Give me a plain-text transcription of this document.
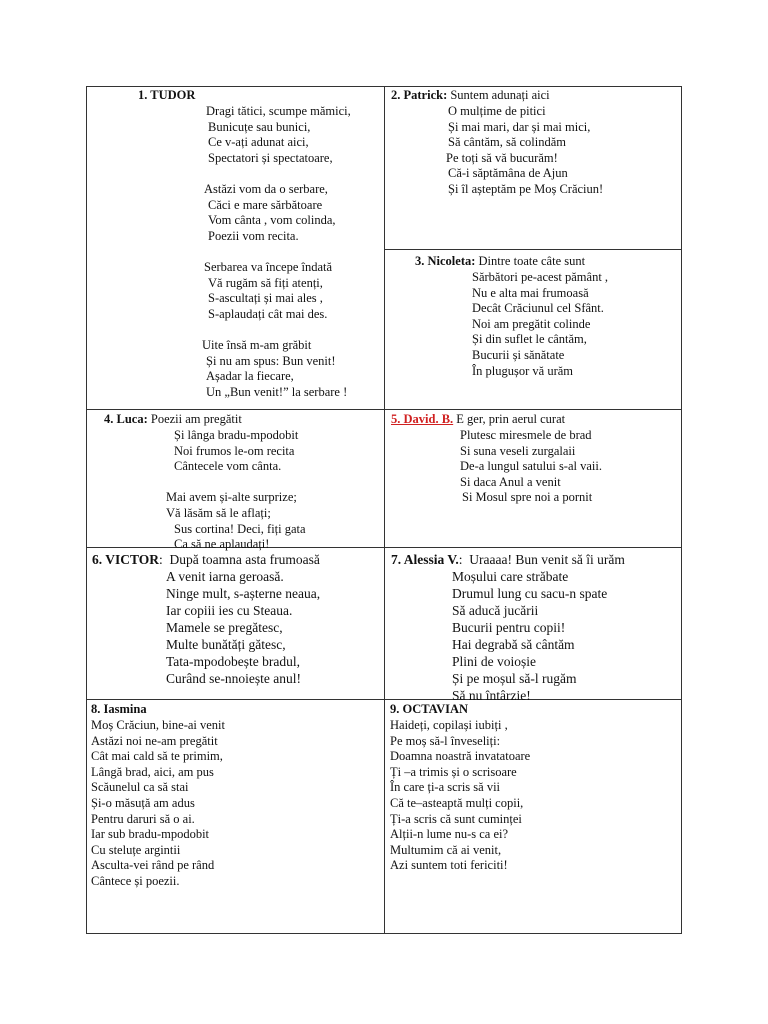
1. TUDOR
Dragi tătici, scumpe mămici,
Bunicuțe sau bunici,
Ce v-ați adunat aici,
Spectatori și spectatoare,
Astăzi vom da o serbare,
Căci e mare sărbătoare
Vom cânta , vom colinda,
Poezii vom recita.
Serbarea va începe îndată
Vă rugăm să fiți atenți,
S-ascultați și mai ales ,
S-aplaudați cât mai des.
Uite însă m-am grăbit
Și nu am spus: Bun venit!
Așadar la fiecare,
Un „Bun venit!” la serbare !
2. Patrick: Suntem adunați aici
O mulțime de pitici
Și mai mari, dar și mai mici,
Să cântăm, să colindăm
Pe toți să vă bucurăm!
Că-i săptămâna de Ajun
Și îl așteptăm pe Moș Crăciun!
3. Nicoleta: Dintre toate câte sunt
Sărbători pe-acest pământ ,
Nu e alta mai frumoasă
Decât Crăciunul cel Sfânt.
Noi am pregătit colinde
Și din suflet le cântăm,
Bucurii și sănătate
În plugușor vă urăm
4. Luca: Poezii am pregătit
Și lânga bradu-mpodobit
Noi frumos le-om recita
Cântecele vom cânta.
Mai avem și-alte surprize;
Vă lăsăm să le aflați;
Sus cortina! Deci, fiți gata
Ca să ne aplaudați!
5. David. B. E ger, prin aerul curat
Plutesc miresmele de brad
Si suna veseli zurgalaii
De-a lungul satului s-al vaii.
Si daca Anul a venit
Si Mosul spre noi a pornit
6. VICTOR:  După toamna asta frumoasă
A venit iarna geroasă.
Ninge mult, s-așterne neaua,
Iar copiii ies cu Steaua.
Mamele se pregătesc,
Multe bunătăți gătesc,
Tata-mpodobește bradul,
Curând se-nnoiește anul!
7. Alessia V.:  Uraaaa! Bun venit să îi urăm
Moșului care străbate
Drumul lung cu sacu-n spate
Să aducă jucării
Bucurii pentru copii!
Hai degrabă să cântăm
Plini de voioșie
Și pe moșul să-l rugăm
Să nu întârzie!
8. Iasmina
Moș Crăciun, bine-ai venit
Astăzi noi ne-am pregătit
Cât mai cald să te primim,
Lângă brad, aici, am pus
Scăunelul ca să stai
Și-o măsuță am adus
Pentru daruri să o ai.
Iar sub bradu-mpodobit
Cu steluțe argintii
Asculta-vei rând pe rând
Cântece și poezii.
9. OCTAVIAN
Haideți, copilași iubiți ,
Pe moș să-l înveseliți:
Doamna noastră invatatoare
Ți –a trimis și o scrisoare
În care ți-a scris să vii
Că te–asteaptă mulți copii,
Ți-a scris că sunt cuminței
Alții-n lume nu-s ca ei?
Multumim că ai venit,
Azi suntem toti fericiti!
